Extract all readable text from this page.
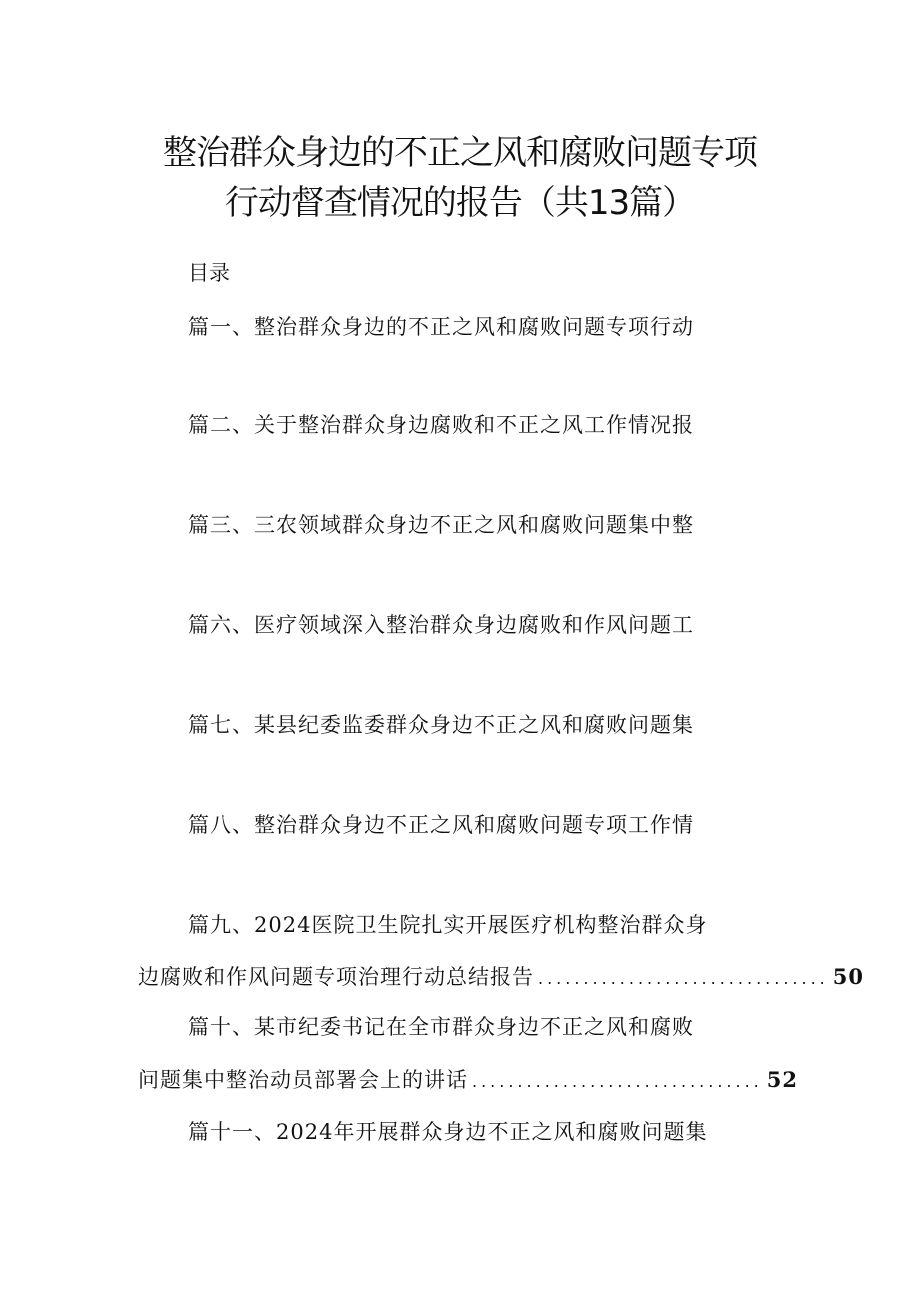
整治群众身边的不正之风和腐败问题专项
行动督查情况的报告（共13篇）
目录
篇一、整治群众身边的不正之风和腐败问题专项行动
篇二、关于整治群众身边腐败和不正之风工作情况报
篇三、三农领域群众身边不正之风和腐败问题集中整
篇六、医疗领域深入整治群众身边腐败和作风问题工
篇七、某县纪委监委群众身边不正之风和腐败问题集
篇八、整治群众身边不正之风和腐败问题专项工作情
篇九、2024医院卫生院扎实开展医疗机构整治群众身
边腐败和作风问题专项治理行动总结报告 ................................ 50
篇十、某市纪委书记在全市群众身边不正之风和腐败
问题集中整治动员部署会上的讲话 ................................ 52
篇十一、2024年开展群众身边不正之风和腐败问题集
